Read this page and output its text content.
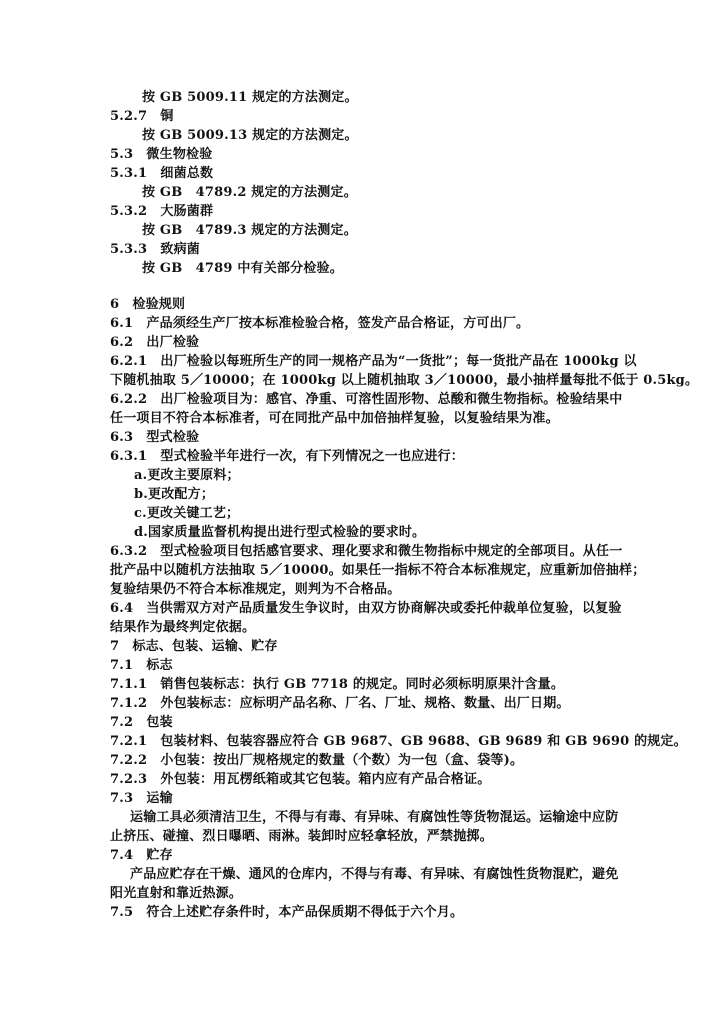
按 GB 5009.11 规定的方法测定。
5.2.7　铜
按 GB 5009.13 规定的方法测定。
5.3　微生物检验
5.3.1　细菌总数
按 GB　4789.2 规定的方法测定。
5.3.2　大肠菌群
按 GB　4789.3 规定的方法测定。
5.3.3　致病菌
按 GB　4789 中有关部分检验。
6　检验规则
6.1　产品须经生产厂按本标准检验合格，签发产品合格证，方可出厂。
6.2　出厂检验
6.2.1　出厂检验以每班所生产的同一规格产品为“一货批”；每一货批产品在 1000kg 以
下随机抽取 5／10000；在 1000kg 以上随机抽取 3／10000，最小抽样量每批不低于 0.5kg。
6.2.2　出厂检验项目为：感官、净重、可溶性固形物、总酸和微生物指标。检验结果中
任一项目不符合本标准者，可在同批产品中加倍抽样复验，以复验结果为准。
6.3　型式检验
6.3.1　型式检验半年进行一次，有下列情况之一也应进行：
a.更改主要原料；
b.更改配方；
c.更改关键工艺；
d.国家质量监督机构提出进行型式检验的要求时。
6.3.2　型式检验项目包括感官要求、理化要求和微生物指标中规定的全部项目。从任一
批产品中以随机方法抽取 5／10000。如果任一指标不符合本标准规定，应重新加倍抽样；
复验结果仍不符合本标准规定，则判为不合格品。
6.4　当供需双方对产品质量发生争议时，由双方协商解决或委托仲裁单位复验，以复验
结果作为最终判定依据。
7　标志、包装、运输、贮存
7.1　标志
7.1.1　销售包装标志：执行 GB 7718 的规定。同时必须标明原果汁含量。
7.1.2　外包装标志：应标明产品名称、厂名、厂址、规格、数量、出厂日期。
7.2　包装
7.2.1　包装材料、包装容器应符合 GB 9687、GB 9688、GB 9689 和 GB 9690 的规定。
7.2.2　小包装：按出厂规格规定的数量（个数）为一包（盒、袋等)。
7.2.3　外包装：用瓦楞纸箱或其它包装。箱内应有产品合格证。
7.3　运输
运输工具必须清洁卫生，不得与有毒、有异味、有腐蚀性等货物混运。运输途中应防
止挤压、碰撞、烈日曝晒、雨淋。装卸时应轻拿轻放，严禁抛掷。
7.4　贮存
产品应贮存在干燥、通风的仓库内，不得与有毒、有异味、有腐蚀性货物混贮，避免
阳光直射和靠近热源。
7.5　符合上述贮存条件时，本产品保质期不得低于六个月。
